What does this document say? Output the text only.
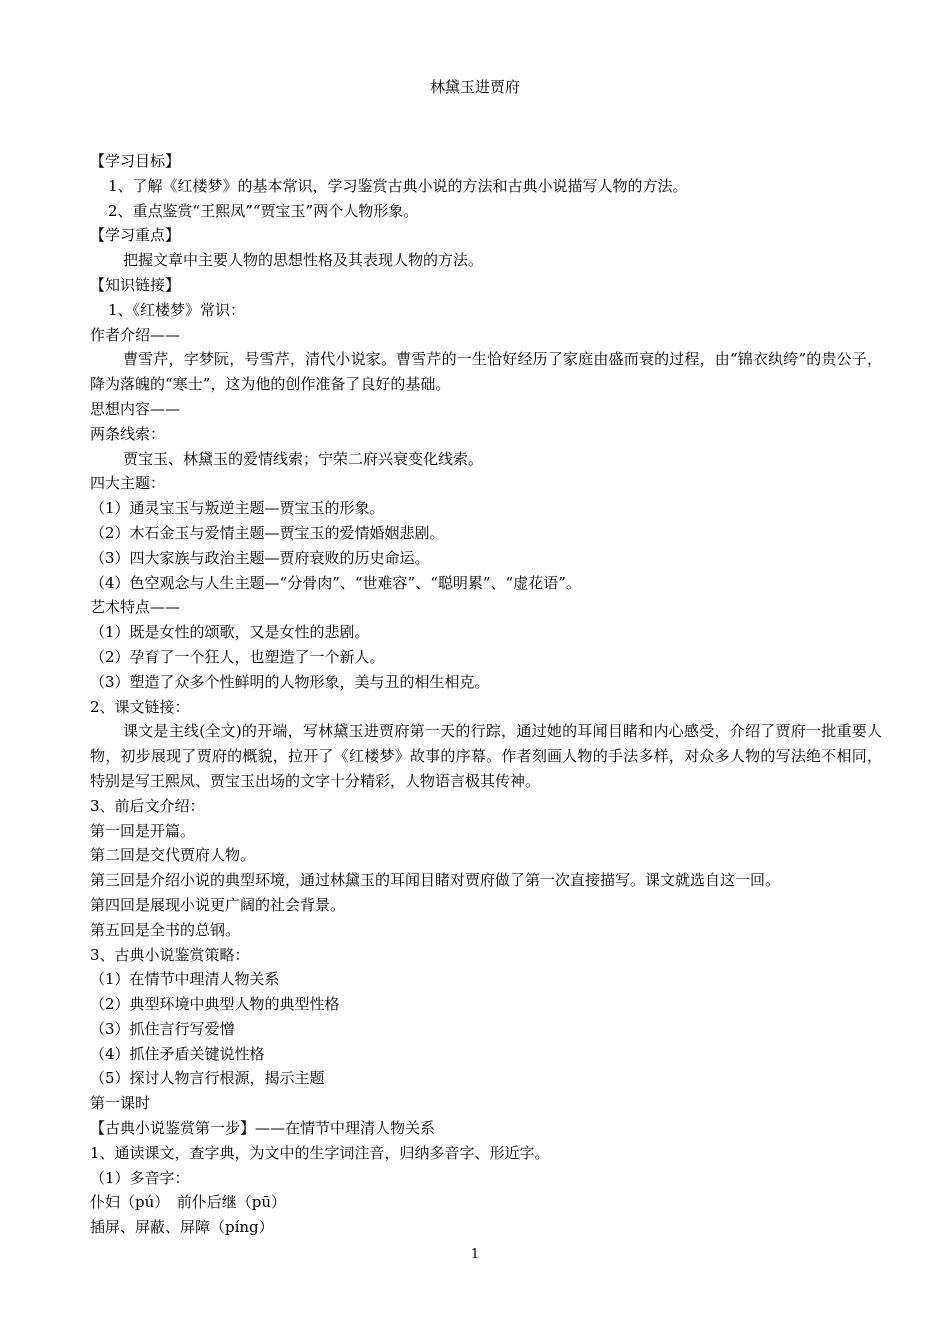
林黛玉进贾府

【学习目标】

1、了解《红楼梦》的基本常识，学习鉴赏古典小说的方法和古典小说描写人物的方法。

2、重点鉴赏“王熙凤”“贾宝玉”两个人物形象。

【学习重点】

把握文章中主要人物的思想性格及其表现人物的方法。

【知识链接】

1、《红楼梦》常识：

作者介绍——

曹雪芹，字梦阮，号雪芹，清代小说家。曹雪芹的一生恰好经历了家庭由盛而衰的过程，由“锦衣纨绔”的贵公子，降为落魄的“寒士”，这为他的创作准备了良好的基础。

思想内容——

两条线索：

贾宝玉、林黛玉的爱情线索；宁荣二府兴衰变化线索。

四大主题：

（1）通灵宝玉与叛逆主题—贾宝玉的形象。

（2）木石金玉与爱情主题—贾宝玉的爱情婚姻悲剧。

（3）四大家族与政治主题—贾府衰败的历史命运。

（4）色空观念与人生主题—“分骨肉”、“世难容”、“聪明累”、“虚花语”。

艺术特点——

（1）既是女性的颂歌，又是女性的悲剧。

（2）孕育了一个狂人，也塑造了一个新人。

（3）塑造了众多个性鲜明的人物形象，美与丑的相生相克。

2、课文链接：

课文是主线(全文)的开端，写林黛玉进贾府第一天的行踪，通过她的耳闻目睹和内心感受，介绍了贾府一批重要人物，初步展现了贾府的概貌，拉开了《红楼梦》故事的序幕。作者刻画人物的手法多样，对众多人物的写法绝不相同，特别是写王熙凤、贾宝玉出场的文字十分精彩，人物语言极其传神。

3、前后文介绍：

第一回是开篇。

第二回是交代贾府人物。

第三回是介绍小说的典型环境，通过林黛玉的耳闻目睹对贾府做了第一次直接描写。课文就选自这一回。

第四回是展现小说更广阔的社会背景。

第五回是全书的总钢。

3、古典小说鉴赏策略：

（1）在情节中理清人物关系

（2）典型环境中典型人物的典型性格

（3）抓住言行写爱憎

（4）抓住矛盾关键说性格

（5）探讨人物言行根源，揭示主题

第一课时

【古典小说鉴赏第一步】——在情节中理清人物关系

1、通读课文，查字典，为文中的生字词注音，归纳多音字、形近字。

（1）多音字：

仆妇（pú）　前仆后继（pū）

插屏、屏蔽、屏障（píng）

1
